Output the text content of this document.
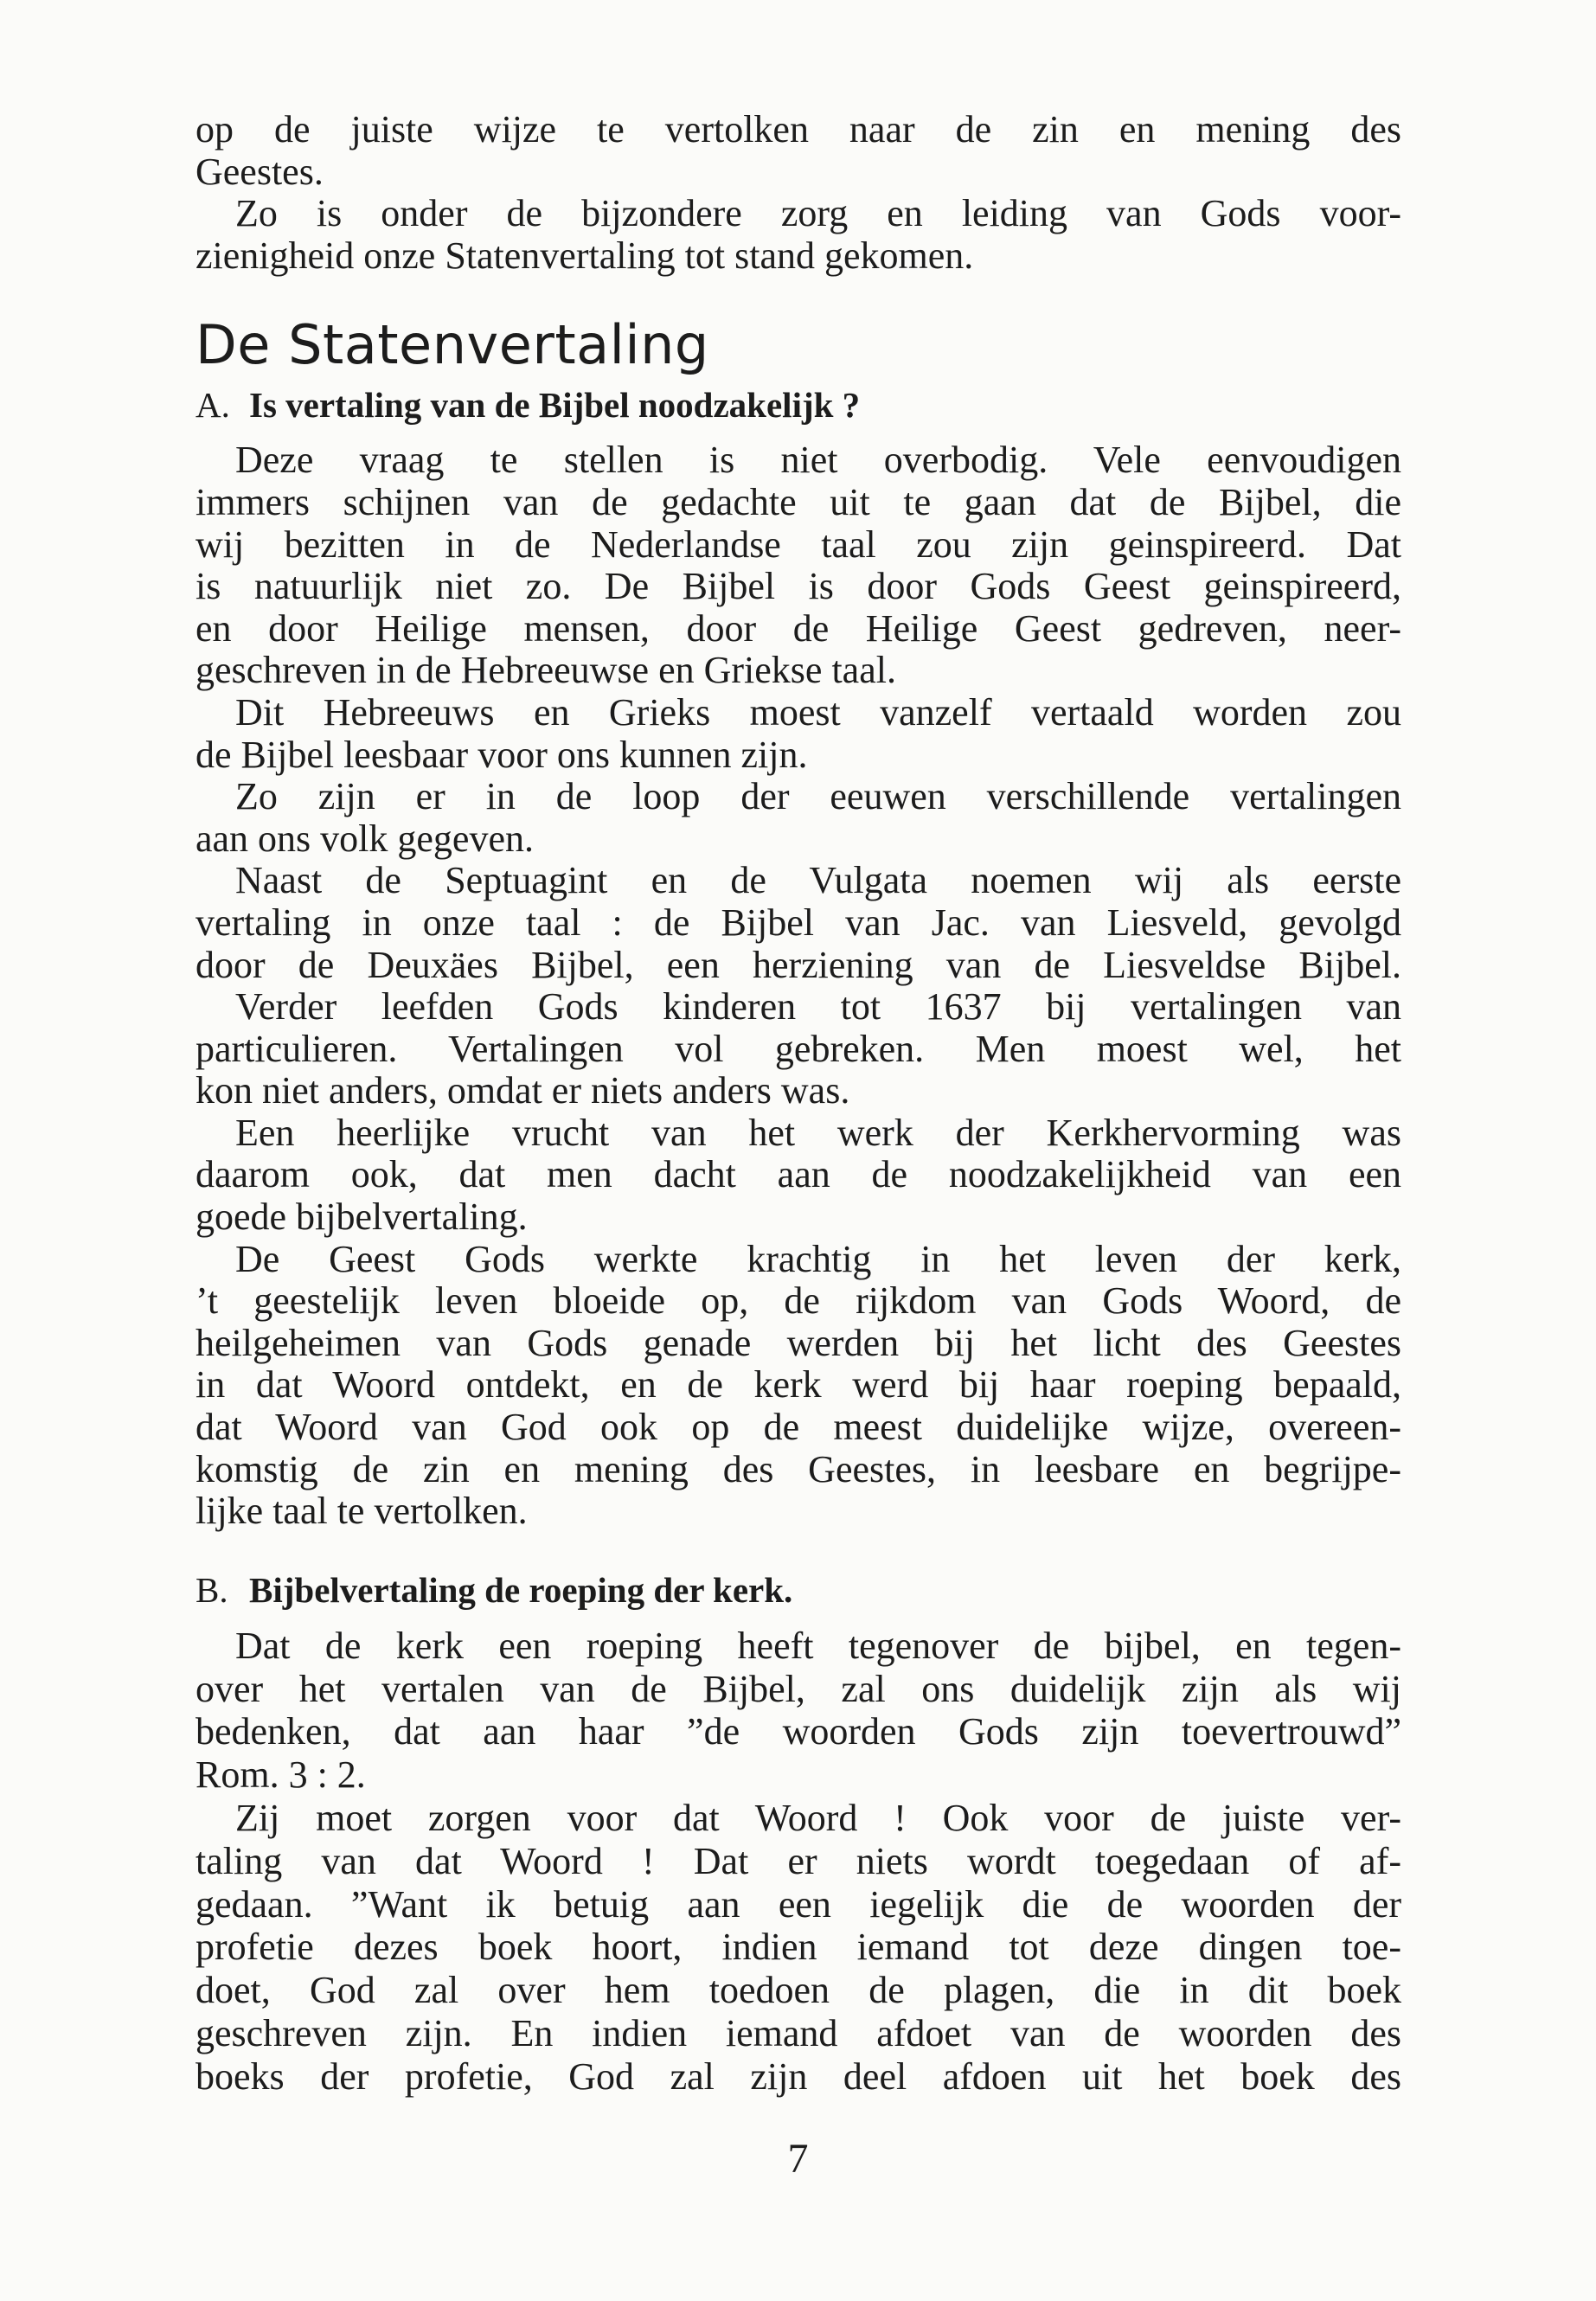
op de juiste wijze te vertolken naar de zin en mening des
Geestes.
Zo is onder de bijzondere zorg en leiding van Gods voor-
zienigheid onze Statenvertaling tot stand gekomen.
De Statenvertaling
A. Is vertaling van de Bijbel noodzakelijk ?
Deze vraag te stellen is niet overbodig. Vele eenvoudigen
immers schijnen van de gedachte uit te gaan dat de Bijbel, die
wij bezitten in de Nederlandse taal zou zijn geinspireerd. Dat
is natuurlijk niet zo. De Bijbel is door Gods Geest geinspireerd,
en door Heilige mensen, door de Heilige Geest gedreven, neer-
geschreven in de Hebreeuwse en Griekse taal.
Dit Hebreeuws en Grieks moest vanzelf vertaald worden zou
de Bijbel leesbaar voor ons kunnen zijn.
Zo zijn er in de loop der eeuwen verschillende vertalingen
aan ons volk gegeven.
Naast de Septuagint en de Vulgata noemen wij als eerste
vertaling in onze taal : de Bijbel van Jac. van Liesveld, gevolgd
door de Deuxäes Bijbel, een herziening van de Liesveldse Bijbel.
Verder leefden Gods kinderen tot 1637 bij vertalingen van
particulieren. Vertalingen vol gebreken. Men moest wel, het
kon niet anders, omdat er niets anders was.
Een heerlijke vrucht van het werk der Kerkhervorming was
daarom ook, dat men dacht aan de noodzakelijkheid van een
goede bijbelvertaling.
De Geest Gods werkte krachtig in het leven der kerk,
’t geestelijk leven bloeide op, de rijkdom van Gods Woord, de
heilgeheimen van Gods genade werden bij het licht des Geestes
in dat Woord ontdekt, en de kerk werd bij haar roeping bepaald,
dat Woord van God ook op de meest duidelijke wijze, overeen-
komstig de zin en mening des Geestes, in leesbare en begrijpe-
lijke taal te vertolken.
B. Bijbelvertaling de roeping der kerk.
Dat de kerk een roeping heeft tegenover de bijbel, en tegen-
over het vertalen van de Bijbel, zal ons duidelijk zijn als wij
bedenken, dat aan haar ”de woorden Gods zijn toevertrouwd”
Rom. 3 : 2.
Zij moet zorgen voor dat Woord ! Ook voor de juiste ver-
taling van dat Woord ! Dat er niets wordt toegedaan of af-
gedaan. ”Want ik betuig aan een iegelijk die de woorden der
profetie dezes boek hoort, indien iemand tot deze dingen toe-
doet, God zal over hem toedoen de plagen, die in dit boek
geschreven zijn. En indien iemand afdoet van de woorden des
boeks der profetie, God zal zijn deel afdoen uit het boek des
7
